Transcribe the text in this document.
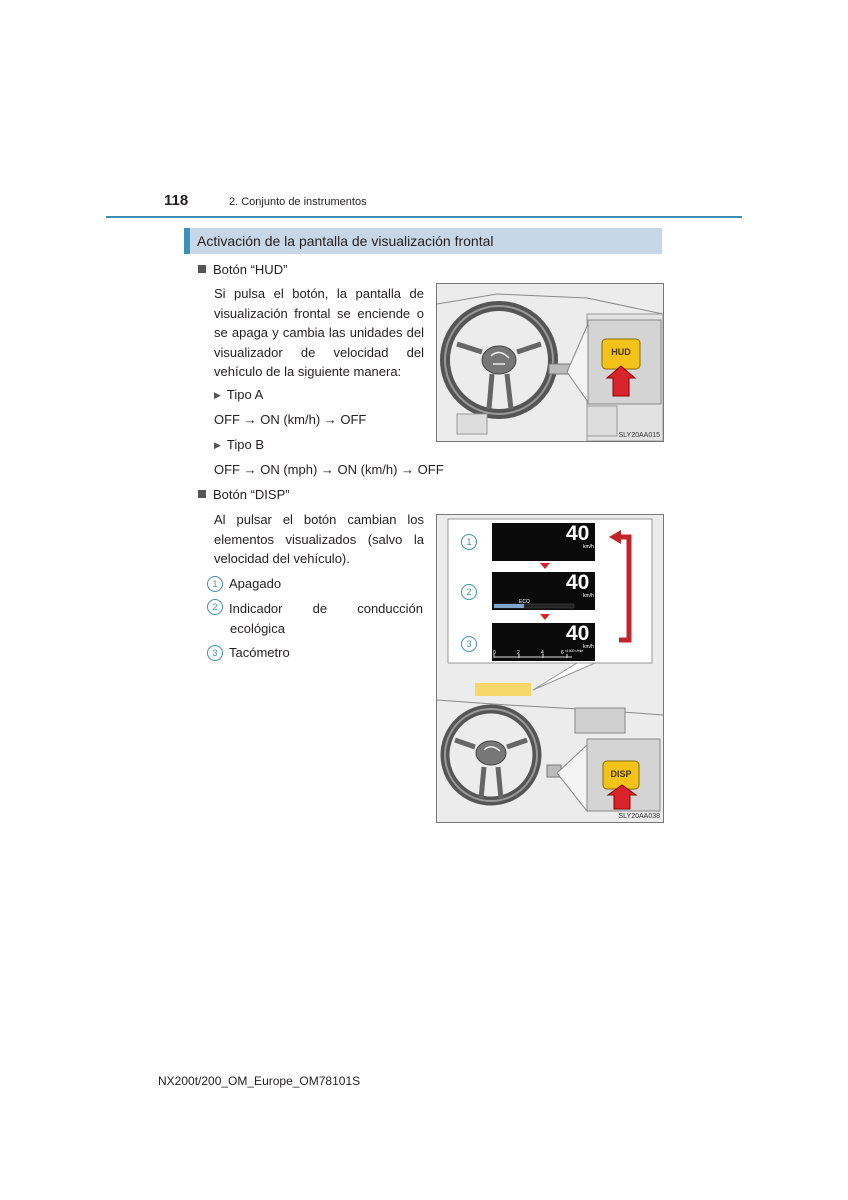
118	2. Conjunto de instrumentos
Activación de la pantalla de visualización frontal
Botón “HUD”
Si pulsa el botón, la pantalla de
visualización frontal se enciende o
se apaga y cambia las unidades del
visualizador de velocidad del
vehículo de la siguiente manera:
▶ Tipo A
OFF → ON (km/h) → OFF
▶ Tipo B
OFF → ON (mph) → ON (km/h) → OFF
HUD
SLY20AA015
Botón “DISP”
Al pulsar el botón cambian los
elementos visualizados (salvo la
velocidad del vehículo).
1 Apagado
2 Indicador de conducción
ecológica
3 Tacómetro
1
2
3
40
km/h
40
km/h
ECO
40
km/h
x1000 r/min
0	2	4	6
DISP
SLY20AA038
NX200t/200_OM_Europe_OM78101S
